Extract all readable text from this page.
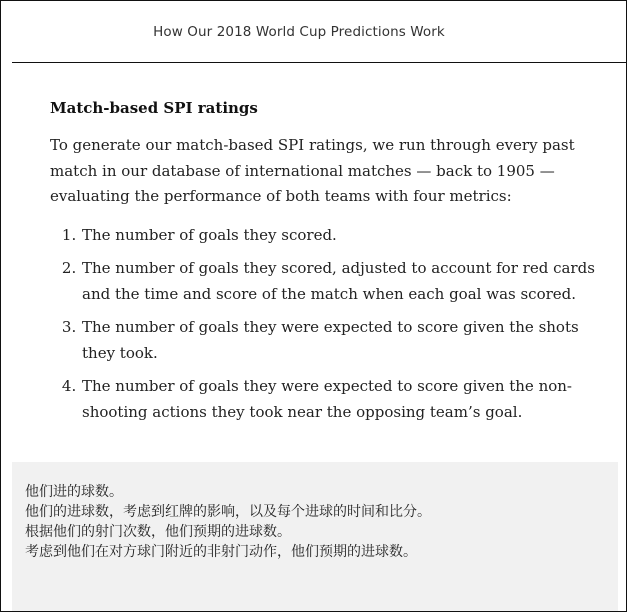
How Our 2018 World Cup Predictions Work
Match-based SPI ratings

To generate our match-based SPI ratings, we run through every past match in our database of international matches — back to 1905 — evaluating the performance of both teams with four metrics:

1. The number of goals they scored.
2. The number of goals they scored, adjusted to account for red cards and the time and score of the match when each goal was scored.
3. The number of goals they were expected to score given the shots they took.
4. The number of goals they were expected to score given the non-shooting actions they took near the opposing team’s goal.
他们进的球数。
他们的进球数，考虑到红牌的影响，以及每个进球的时间和比分。
根据他们的射门次数，他们预期的进球数。
考虑到他们在对方球门附近的非射门动作，他们预期的进球数。
